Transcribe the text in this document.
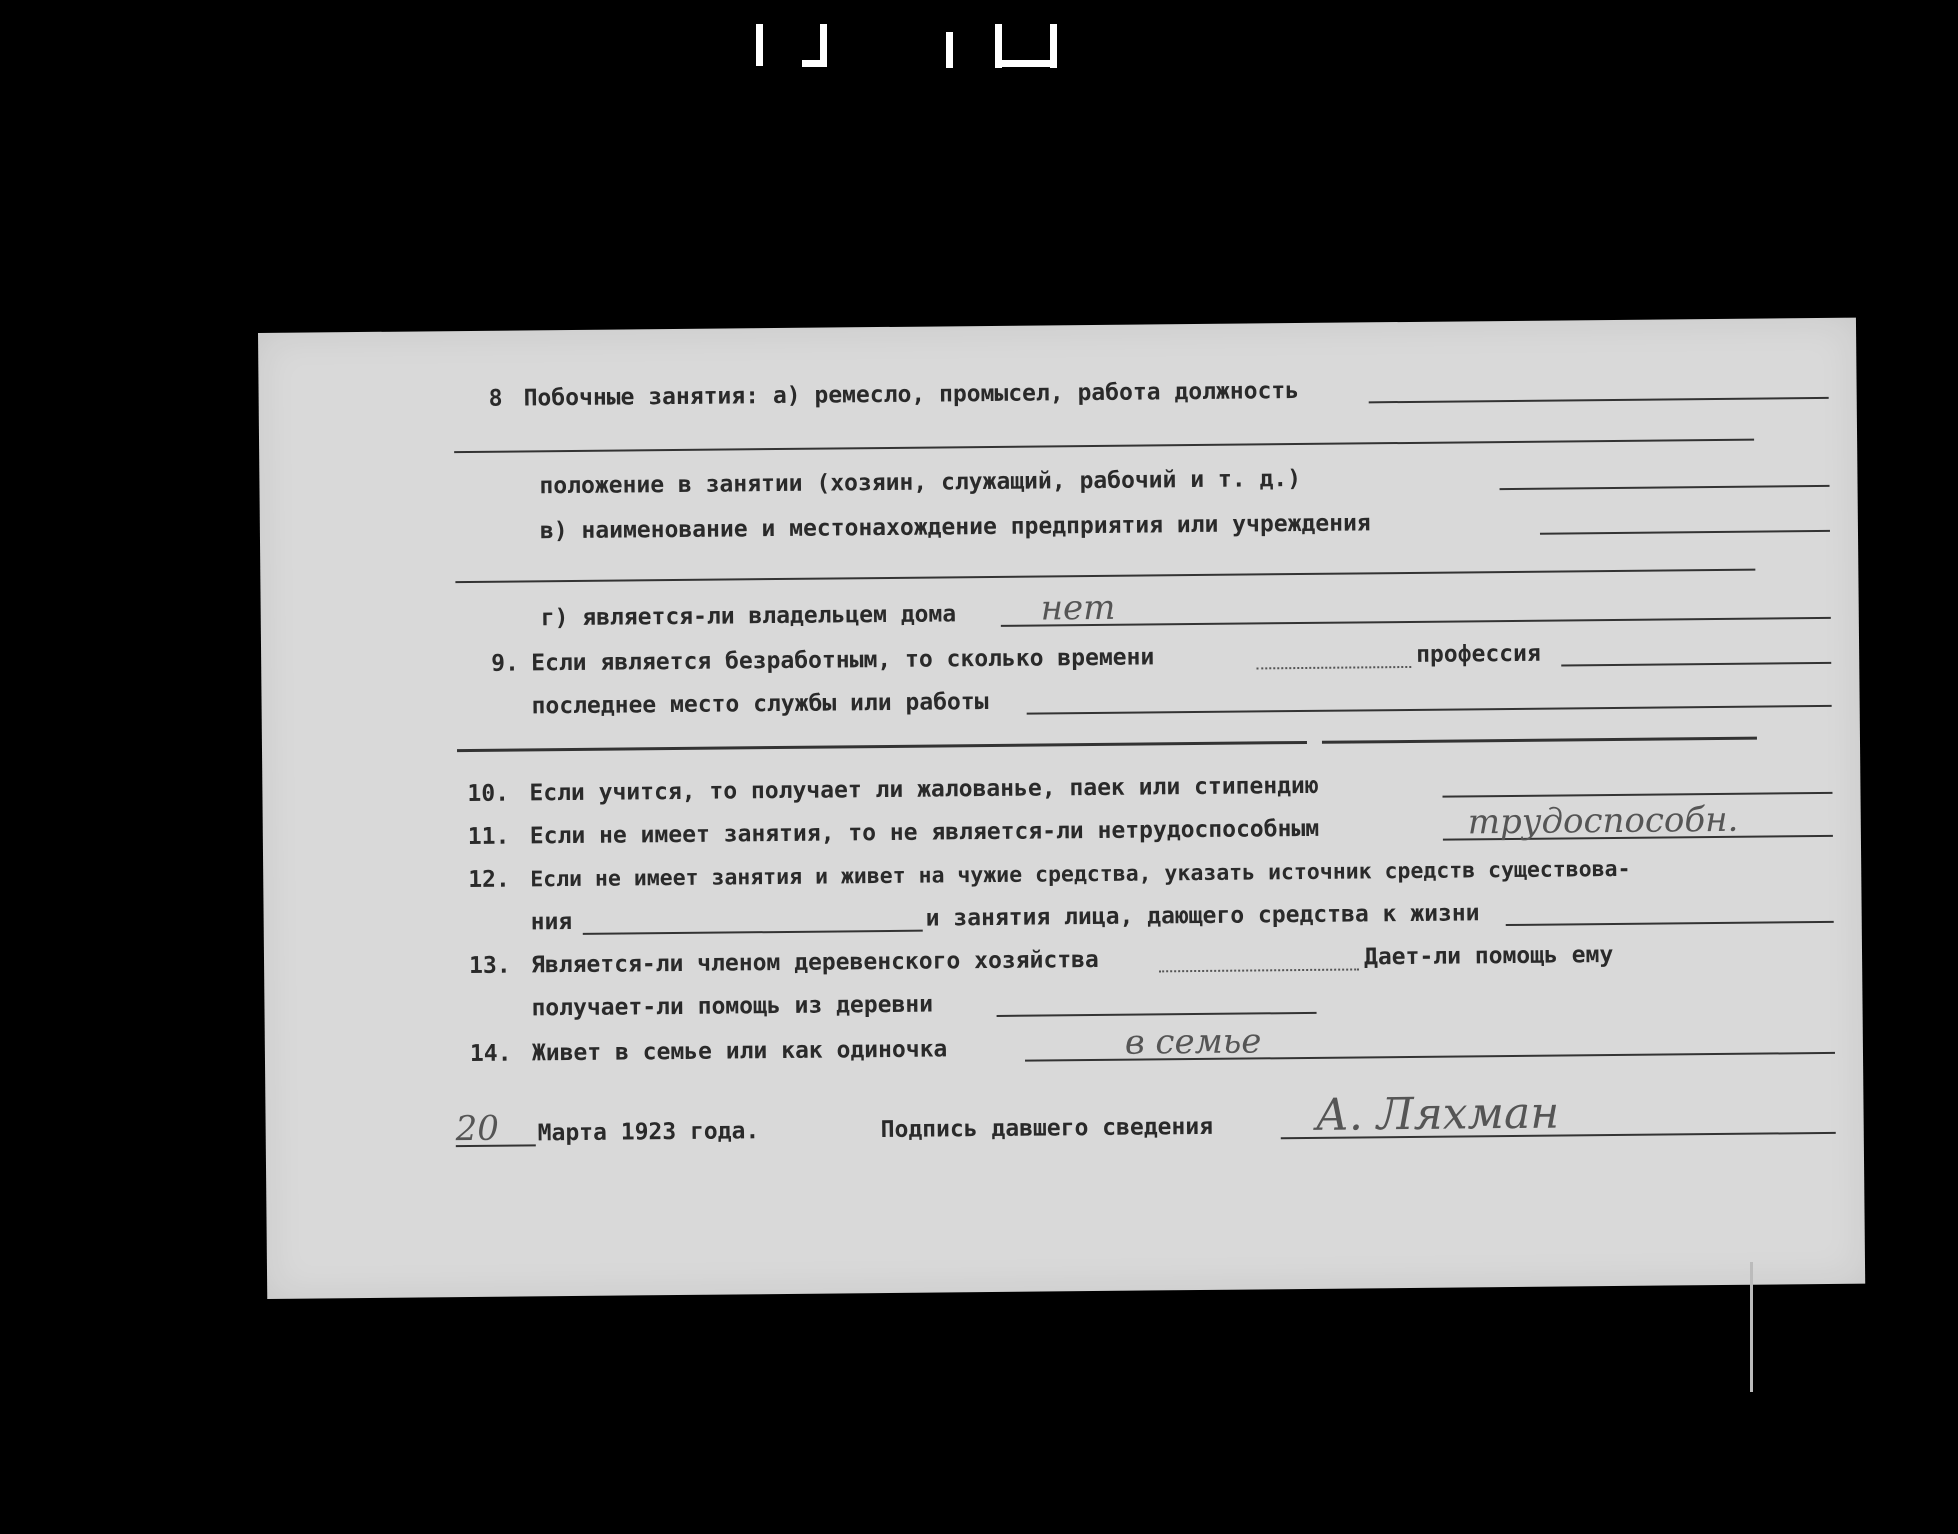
8 Побочные занятия: а) ремесло, промысел, работа должность
положение в занятии (хозяин, служащий, рабочий и т. д.)
в) наименование и местонахождение предприятия или учреждения
г) является-ли владельцем дома нет
9. Если является безработным, то сколько времени	профессия
последнее место службы или работы
10. Если учится, то получает ли жалованье, паек или стипендию
11. Если не имеет занятия, то не является-ли нетрудоспособным	трудоспособн.
12. Если не имеет занятия и живет на чужие средства, указать источник средств существова-
ния	и занятия лица, дающего средства к жизни
13. Является-ли членом деревенского хозяйства	Дает-ли помощь ему
получает-ли помощь из деревни
14. Живет в семье или как одиночка	в семье
20 Марта 1923 года.	Подпись давшего сведения А. Ляхман
